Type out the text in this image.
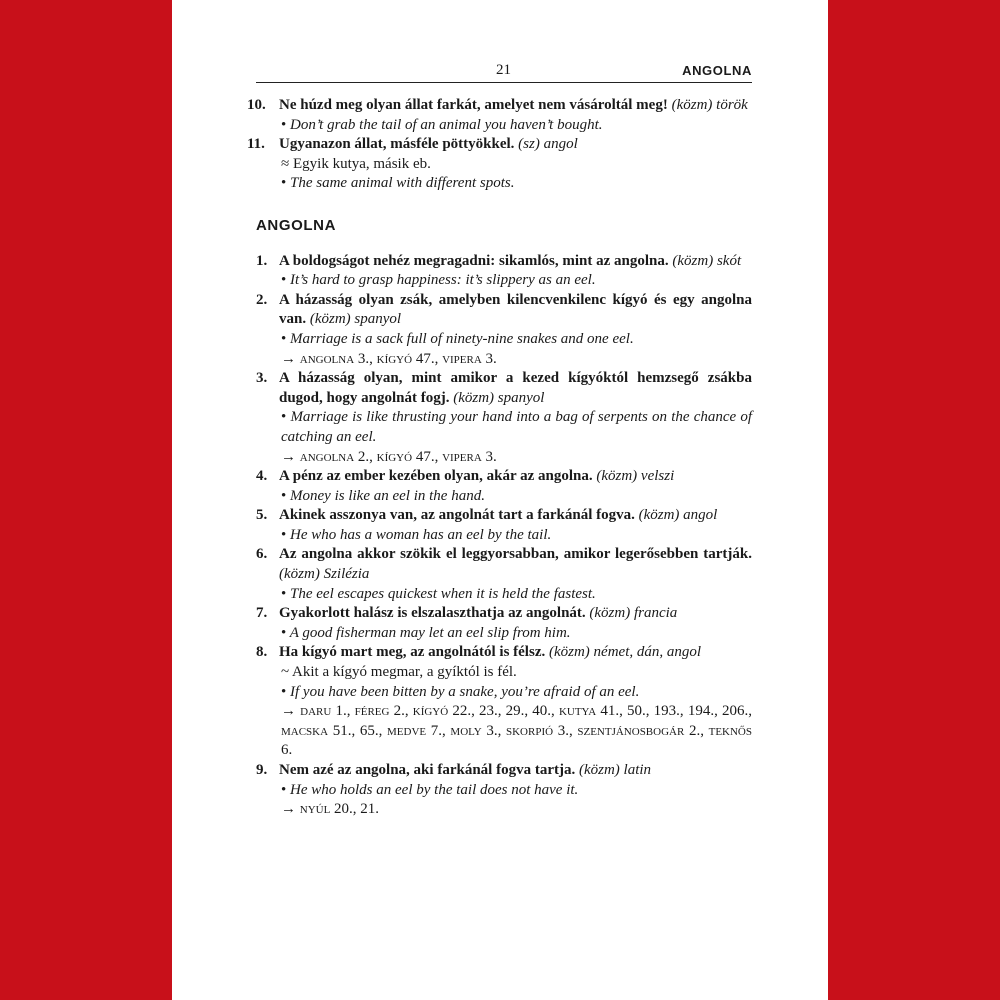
21	ANGOLNA
10. Ne húzd meg olyan állat farkát, amelyet nem vásároltál meg! (közm) török
• Don’t grab the tail of an animal you haven’t bought.
11. Ugyanazon állat, másféle pöttyökkel. (sz) angol
≈ Egyik kutya, másik eb.
• The same animal with different spots.
ANGOLNA
1. A boldogságot nehéz megragadni: sikamlós, mint az angolna. (közm) skót
• It’s hard to grasp happiness: it’s slippery as an eel.
2. A házasság olyan zsák, amelyben kilencvenkilenc kígyó és egy angolna van. (közm) spanyol
• Marriage is a sack full of ninety-nine snakes and one eel.
→ angolna 3., kígyó 47., vipera 3.
3. A házasság olyan, mint amikor a kezed kígyóktól hemzsegő zsákba dugod, hogy angolnát fogj. (közm) spanyol
• Marriage is like thrusting your hand into a bag of serpents on the chance of catching an eel.
→ angolna 2., kígyó 47., vipera 3.
4. A pénz az ember kezében olyan, akár az angolna. (közm) velszi
• Money is like an eel in the hand.
5. Akinek asszonya van, az angolnát tart a farkánál fogva. (közm) angol
• He who has a woman has an eel by the tail.
6. Az angolna akkor szökik el leggyorsabban, amikor legerősebben tartják. (közm) Szilézia
• The eel escapes quickest when it is held the fastest.
7. Gyakorlott halász is elszalaszthatja az angolnát. (közm) francia
• A good fisherman may let an eel slip from him.
8. Ha kígyó mart meg, az angolnától is félsz. (közm) német, dán, angol
~ Akit a kígyó megmar, a gyíktól is fél.
• If you have been bitten by a snake, you’re afraid of an eel.
→ daru 1., féreg 2., kígyó 22., 23., 29., 40., kutya 41., 50., 193., 194., 206., macska 51., 65., medve 7., moly 3., skorpió 3., szentjánosbogár 2., teknős 6.
9. Nem azé az angolna, aki farkánál fogva tartja. (közm) latin
• He who holds an eel by the tail does not have it.
→ nyúl 20., 21.
